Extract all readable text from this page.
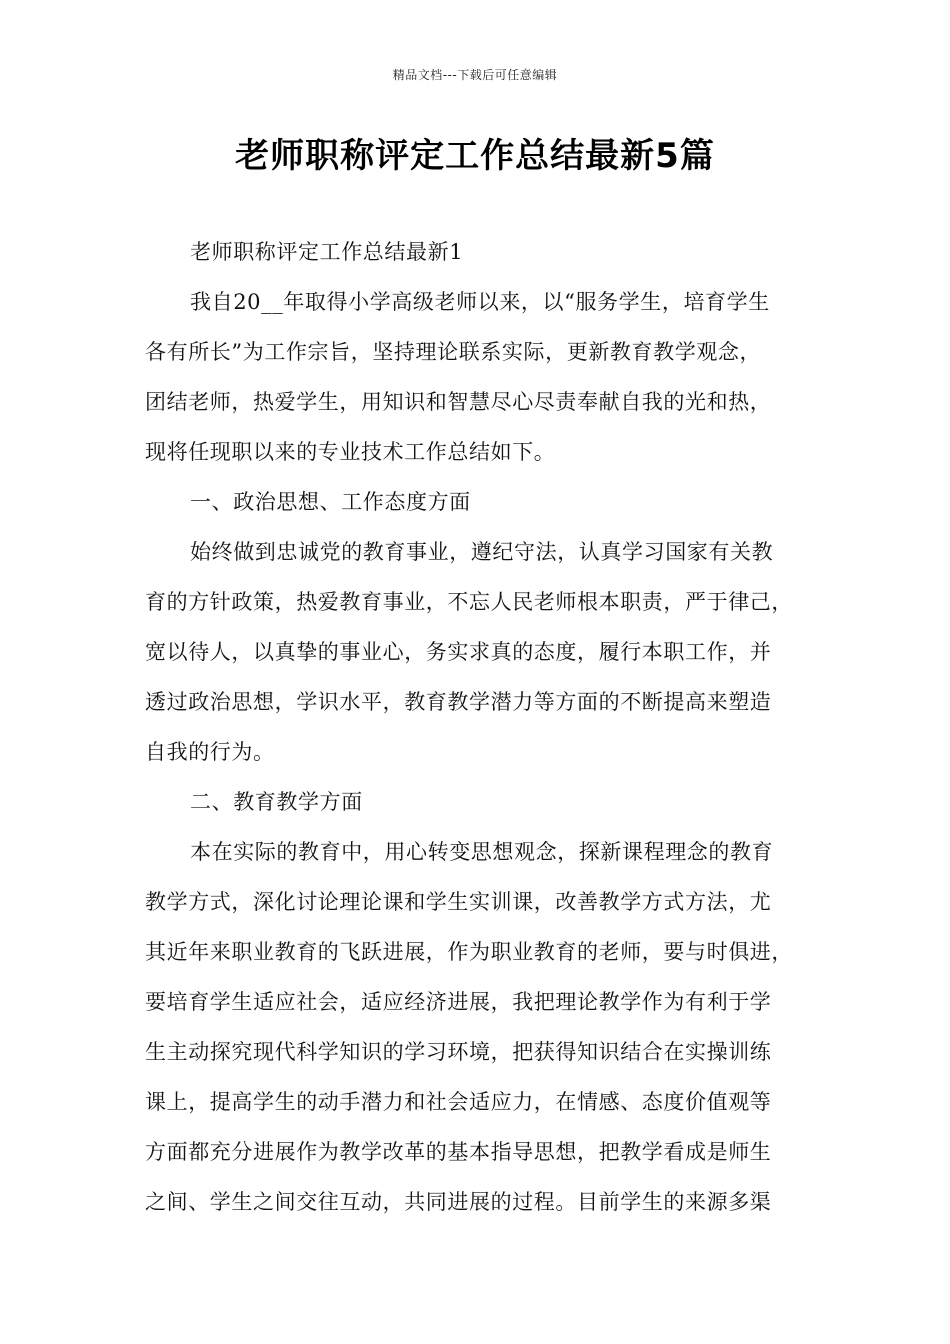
精品文档---下载后可任意编辑
老师职称评定工作总结最新5篇
老师职称评定工作总结最新1
我自20__年取得小学高级老师以来，以“服务学生，培育学生
各有所长”为工作宗旨，坚持理论联系实际，更新教育教学观念，
团结老师，热爱学生，用知识和智慧尽心尽责奉献自我的光和热，
现将任现职以来的专业技术工作总结如下。
一、政治思想、工作态度方面
始终做到忠诚党的教育事业，遵纪守法，认真学习国家有关教
育的方针政策，热爱教育事业，不忘人民老师根本职责，严于律己，
宽以待人，以真挚的事业心，务实求真的态度，履行本职工作，并
透过政治思想，学识水平，教育教学潜力等方面的不断提高来塑造
自我的行为。
二、教育教学方面
本在实际的教育中，用心转变思想观念，探新课程理念的教育
教学方式，深化讨论理论课和学生实训课，改善教学方式方法，尤
其近年来职业教育的飞跃进展，作为职业教育的老师，要与时俱进，
要培育学生适应社会，适应经济进展，我把理论教学作为有利于学
生主动探究现代科学知识的学习环境，把获得知识结合在实操训练
课上，提高学生的动手潜力和社会适应力，在情感、态度价值观等
方面都充分进展作为教学改革的基本指导思想，把教学看成是师生
之间、学生之间交往互动，共同进展的过程。目前学生的来源多渠
